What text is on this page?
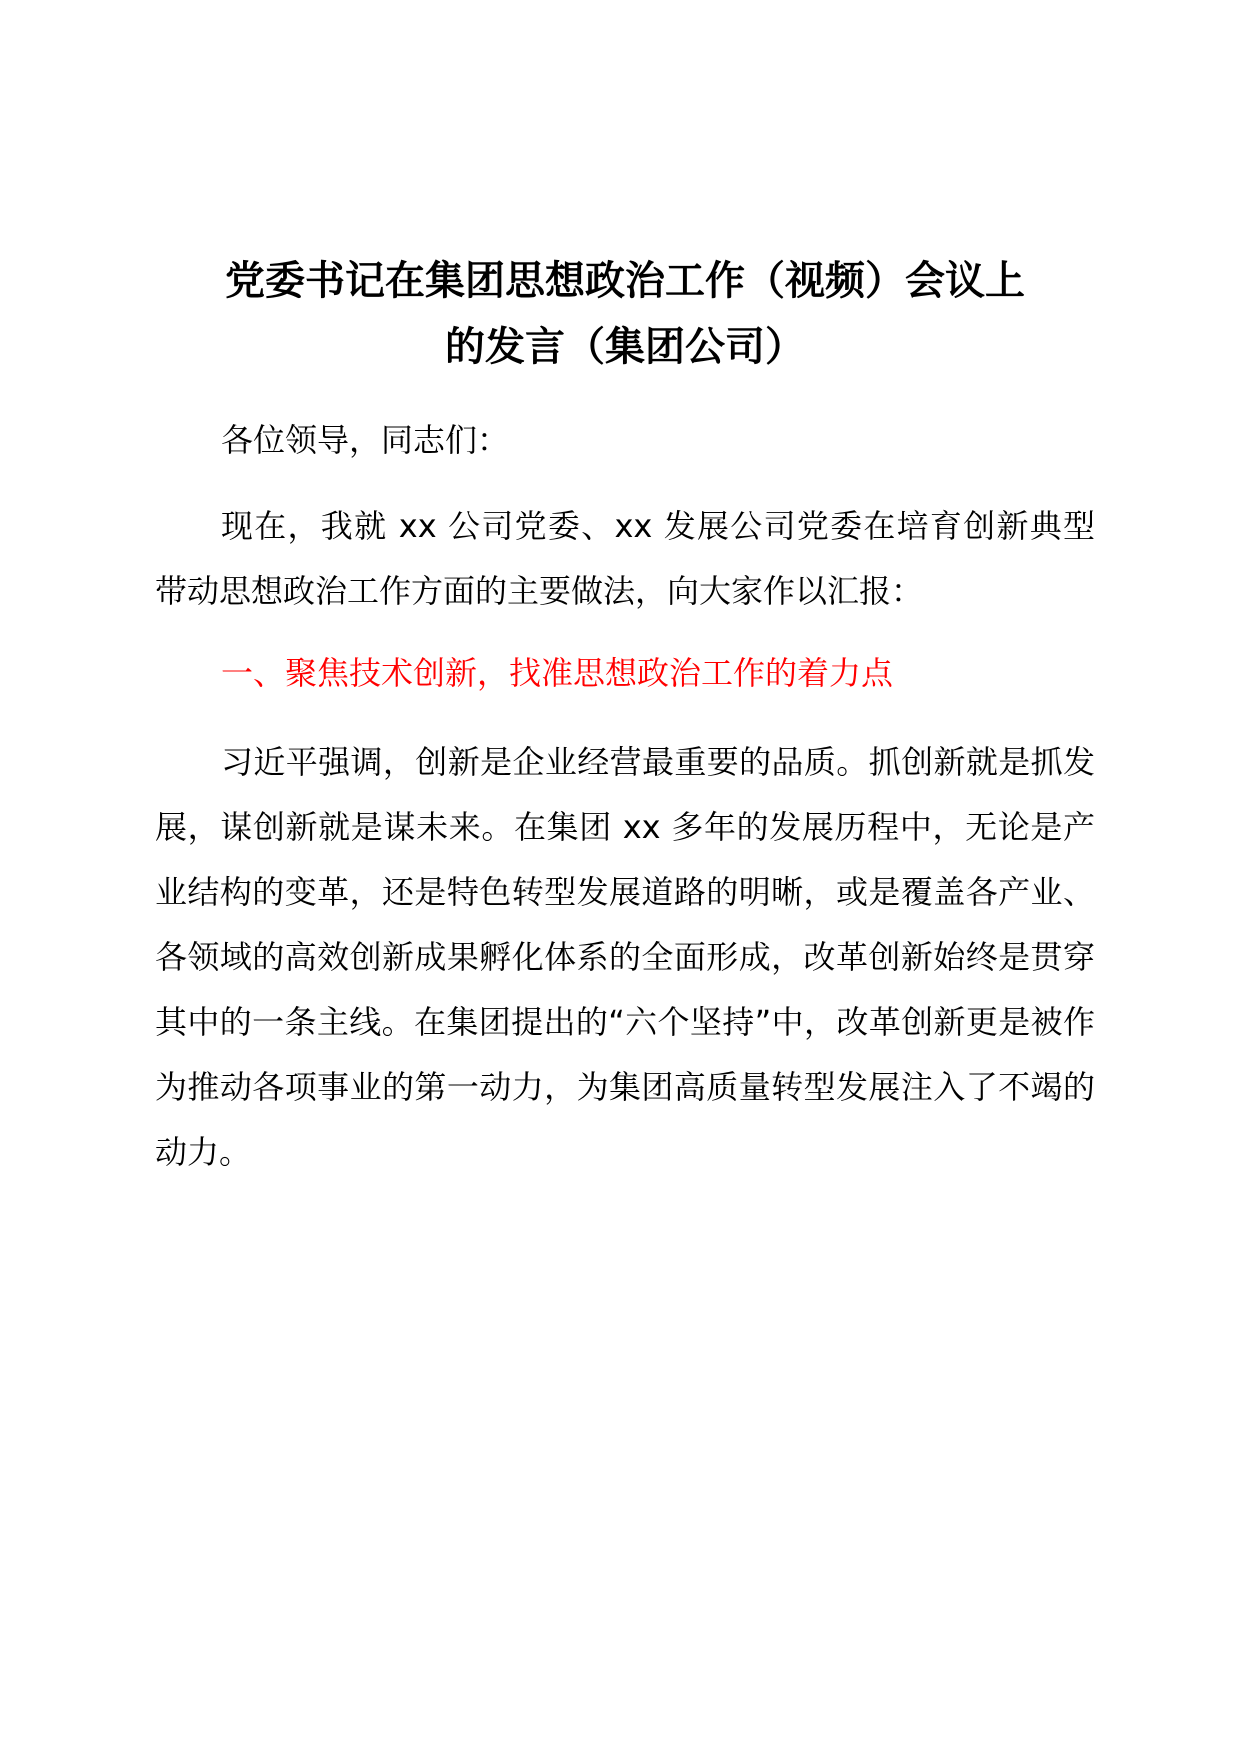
党委书记在集团思想政治工作（视频）会议上
的发言（集团公司）

各位领导，同志们：

现在，我就 xx 公司党委、xx 发展公司党委在培育创新典型带动思想政治工作方面的主要做法，向大家作以汇报：

一、聚焦技术创新，找准思想政治工作的着力点

习近平强调，创新是企业经营最重要的品质。抓创新就是抓发展，谋创新就是谋未来。在集团 xx 多年的发展历程中，无论是产业结构的变革，还是特色转型发展道路的明晰，或是覆盖各产业、各领域的高效创新成果孵化体系的全面形成，改革创新始终是贯穿其中的一条主线。在集团提出的“六个坚持”中，改革创新更是被作为推动各项事业的第一动力，为集团高质量转型发展注入了不竭的动力。
